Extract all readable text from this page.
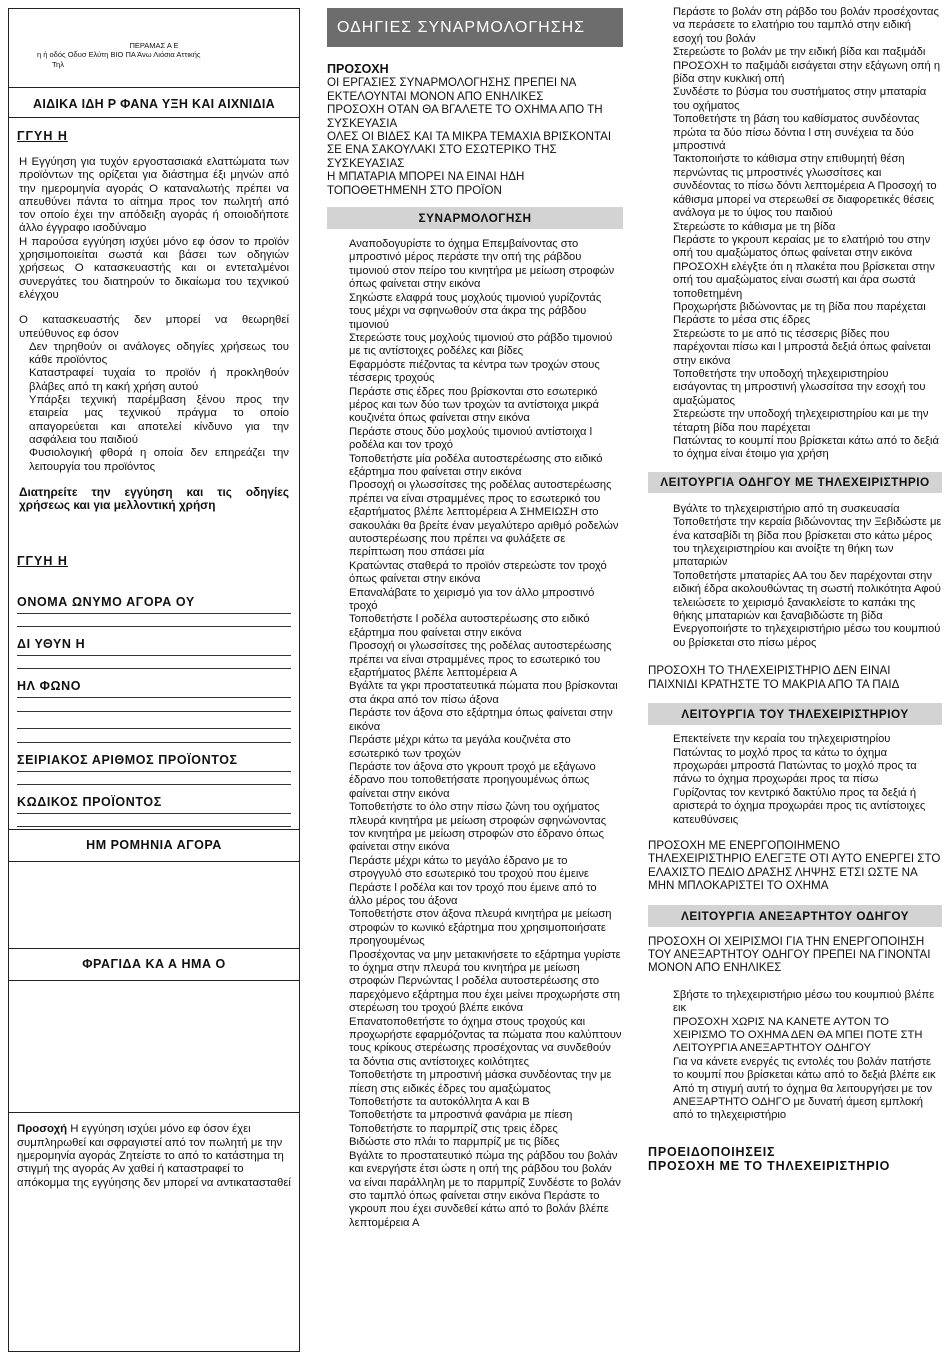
ΠΕΡΑΜΑΣ Α Ε
η ή οδός Οδυσ Ελύτη ΒΙΟ ΠΑ Άνω Λιόσια Αττικής
Τηλ
ΑΙΔΙΚΑ ΙΔΗ Ρ ΦΑΝΑ ΥΞΗ ΚΑΙ ΑΙΧΝΙΔΙΑ
ΓΓΥΗ Η
Η Εγγύηση για τυχόν εργοστασιακά ελαττώματα των προϊόντων της ορίζεται για διάστημα έξι μηνών από την ημερομηνία αγοράς Ο καταναλωτής πρέπει να απευθύνει πάντα το αίτημα προς τον πωλητή από τον οποίο έχει την απόδειξη αγοράς ή οποιοδήποτε άλλο έγγραφο ισοδύναμο
Η παρούσα εγγύηση ισχύει μόνο εφ όσον το προϊόν χρησιμοποιείται σωστά και βάσει των οδηγιών χρήσεως Ο κατασκευαστής και οι εντεταλμένοι συνεργάτες του διατηρούν το δικαίωμα του τεχνικού ελέγχου
Ο κατασκευαστής δεν μπορεί να θεωρηθεί υπεύθυνος εφ όσον
Δεν τηρηθούν οι ανάλογες οδηγίες χρήσεως του κάθε προϊόντος
Καταστραφεί τυχαία το προϊόν ή προκληθούν βλάβες από τη κακή χρήση αυτού
Υπάρξει τεχνική παρέμβαση ξένου προς την εταιρεία μας τεχνικού πράγμα το οποίο απαγορεύεται και αποτελεί κίνδυνο για την ασφάλεια του παιδιού
Φυσιολογική φθορά η οποία δεν επηρεάζει την λειτουργία του προϊόντος
Διατηρείτε την εγγύηση και τις οδηγίες χρήσεως και για μελλοντική χρήση
ΓΓΥΗ Η
ΟΝΟΜΑ ΩΝΥΜΟ ΑΓΟΡΑ ΟΥ
ΔΙ ΥΘΥΝ Η
ΗΛ ΦΩΝΟ
ΣΕΙΡΙΑΚΟΣ ΑΡΙΘΜΟΣ ΠΡΟΪΟΝΤΟΣ
ΚΩΔΙΚΟΣ ΠΡΟΪΟΝΤΟΣ
ΗΜ ΡΟΜΗΝΙΑ ΑΓΟΡΑ
ΦΡΑΓΙΔΑ ΚΑ Α ΗΜΑ Ο
Προσοχή Η εγγύηση ισχύει μόνο εφ όσον έχει συμπληρωθεί και σφραγιστεί από τον πωλητή με την ημερομηνία αγοράς Ζητείστε το από το κατάστημα τη στιγμή της αγοράς Αν χαθεί ή καταστραφεί το απόκομμα της εγγύησης δεν μπορεί να αντικατασταθεί
ΟΔΗΓΙΕΣ ΣΥΝΑΡΜΟΛΟΓΗΣΗΣ
ΠΡΟΣΟΧΗ
ΟΙ ΕΡΓΑΣΙΕΣ ΣΥΝΑΡΜΟΛΟΓΗΣΗΣ ΠΡΕΠΕΙ ΝΑ ΕΚΤΕΛΟΥΝΤΑΙ ΜΟΝΟΝ ΑΠΟ ΕΝΗΛΙΚΕΣ
ΠΡΟΣΟΧΗ ΟΤΑΝ ΘΑ ΒΓΑΛΕΤΕ ΤΟ ΟΧΗΜΑ ΑΠΟ ΤΗ ΣΥΣΚΕΥΑΣΙΑ
ΟΛΕΣ ΟΙ ΒΙΔΕΣ ΚΑΙ ΤΑ ΜΙΚΡΑ ΤΕΜΑΧΙΑ ΒΡΙΣΚΟΝΤΑΙ ΣΕ ΕΝΑ ΣΑΚΟΥΛΑΚΙ ΣΤΟ ΕΣΩΤΕΡΙΚΟ ΤΗΣ ΣΥΣΚΕΥΑΣΙΑΣ
Η ΜΠΑΤΑΡΙΑ ΜΠΟΡΕΙ ΝΑ ΕΙΝΑΙ ΗΔΗ ΤΟΠΟΘΕΤΗΜΕΝΗ ΣΤΟ ΠΡΟΪΟΝ
ΣΥΝΑΡΜΟΛΟΓΗΣΗ
Αναποδογυρίστε το όχημα Επεμβαίνοντας στο μπροστινό μέρος περάστε την οπή της ράβδου τιμονιού στον πείρο του κινητήρα με μείωση στροφών όπως φαίνεται στην εικόνα
Σηκώστε ελαφρά τους μοχλούς τιμονιού γυρίζοντάς τους μέχρι να σφηνωθούν στα άκρα της ράβδου τιμονιού
Στερεώστε τους μοχλούς τιμονιού στο ράβδο τιμονιού με τις αντίστοιχες ροδέλες και βίδες
Εφαρμόστε πιέζοντας τα κέντρα των τροχών στους τέσσερις τροχούς
Περάστε στις έδρες που βρίσκονται στο εσωτερικό μέρος και των δύο των τροχών τα αντίστοιχα μικρά κουζινέτα όπως φαίνεται στην εικόνα
Περάστε στους δύο μοχλούς τιμονιού αντίστοιχα l ροδέλα και τον τροχό
Τοποθετήστε μία ροδέλα αυτοστερέωσης στο ειδικό εξάρτημα που φαίνεται στην εικόνα
Προσοχή οι γλωσσίτσες της ροδέλας αυτοστερέωσης πρέπει να είναι στραμμένες προς το εσωτερικό του εξαρτήματος βλέπε λεπτομέρεια Α ΣΗΜΕΙΩΣΗ στο σακουλάκι θα βρείτε έναν μεγαλύτερο αριθμό ροδελών αυτοστερέωσης που πρέπει να φυλάξετε σε περίπτωση που σπάσει μία
Κρατώντας σταθερά το προϊόν στερεώστε τον τροχό όπως φαίνεται στην εικόνα
Επαναλάβατε το χειρισμό για τον άλλο μπροστινό τροχό
Τοποθετήστε l ροδέλα αυτοστερέωσης στο ειδικό εξάρτημα που φαίνεται στην εικόνα
Προσοχή οι γλωσσίτσες της ροδέλας αυτοστερέωσης πρέπει να είναι στραμμένες προς το εσωτερικό του εξαρτήματος βλέπε λεπτομέρεια Α
Βγάλτε τα γκρι προστατευτικά πώματα που βρίσκονται στα άκρα από τον πίσω άξονα
Περάστε τον άξονα στο εξάρτημα όπως φαίνεται στην εικόνα
Περάστε μέχρι κάτω τα μεγάλα κουζινέτα στο εσωτερικό των τροχών
Περάστε τον άξονα στο γκρουπ τροχό με εξάγωνο έδρανο που τοποθετήσατε προηγουμένως όπως φαίνεται στην εικόνα
Τοποθετήστε το όλο στην πίσω ζώνη του οχήματος πλευρά κινητήρα με μείωση στροφών σφηνώνοντας τον κινητήρα με μείωση στροφών στο έδρανο όπως φαίνεται στην εικόνα
Περάστε μέχρι κάτω το μεγάλο έδρανο με το στρογγυλό στο εσωτερικό του τροχού που έμεινε
Περάστε l ροδέλα και τον τροχό που έμεινε από το άλλο μέρος του άξονα
Τοποθετήστε στον άξονα πλευρά κινητήρα με μείωση στροφών το κωνικό εξάρτημα που χρησιμοποιήσατε προηγουμένως
Προσέχοντας να μην μετακινήσετε το εξάρτημα γυρίστε το όχημα στην πλευρά του κινητήρα με μείωση στροφών Περνώντας l ροδέλα αυτοστερέωσης στο παρεχόμενο εξάρτημα που έχει μείνει προχωρήστε στη στερέωση του τροχού βλέπε εικόνα
Επανατοποθετήστε το όχημα στους τροχούς και προχωρήστε εφαρμόζοντας τα πώματα που καλύπτουν τους κρίκους στερέωσης προσέχοντας να συνδεθούν τα δόντια στις αντίστοιχες κοιλότητες
Τοποθετήστε τη μπροστινή μάσκα συνδέοντας την με πίεση στις ειδικές έδρες του αμαξώματος
Τοποθετήστε τα αυτοκόλλητα Α και Β
Τοποθετήστε τα μπροστινά φανάρια με πίεση
Τοποθετήστε το παρμπρίζ στις τρεις έδρες
Βιδώστε στο πλάι το παρμπρίζ με τις βίδες
Βγάλτε το προστατευτικό πώμα της ράβδου του βολάν και ενεργήστε έτσι ώστε η οπή της ράβδου του βολάν να είναι παράλληλη με το παρμπρίζ Συνδέστε το βολάν στο ταμπλό όπως φαίνεται στην εικόνα Περάστε το γκρουπ που έχει συνδεθεί κάτω από το βολάν βλέπε λεπτομέρεια Α
Περάστε το βολάν στη ράβδο του βολάν προσέχοντας να περάσετε το ελατήριο του ταμπλό στην ειδική εσοχή του βολάν
Στερεώστε το βολάν με την ειδική βίδα και παξιμάδι ΠΡΟΣΟΧΗ το παξιμάδι εισάγεται στην εξάγωνη οπή η βίδα στην κυκλική οπή
Συνδέστε το βύσμα του συστήματος στην μπαταρία του οχήματος
Τοποθετήστε τη βάση του καθίσματος συνδέοντας πρώτα τα δύο πίσω δόντια l στη συνέχεια τα δύο μπροστινά
Τακτοποιήστε το κάθισμα στην επιθυμητή θέση περνώντας τις μπροστινές γλωσσίτσες και συνδέοντας το πίσω δόντι λεπτομέρεια Α Προσοχή το κάθισμα μπορεί να στερεωθεί σε διαφορετικές θέσεις ανάλογα με το ύψος του παιδιού
Στερεώστε το κάθισμα με τη βίδα
Περάστε το γκρουπ κεραίας με το ελατήριό του στην οπή του αμαξώματος όπως φαίνεται στην εικόνα ΠΡΟΣΟΧΗ ελέγξτε ότι η πλακέτα που βρίσκεται στην οπή του αμαξώματος είναι σωστή και άρα σωστά τοποθετημένη
Προχωρήστε βιδώνοντας με τη βίδα που παρέχεται
Περάστε το μέσα στις έδρες
Στερεώστε το με από τις τέσσερις βίδες που παρέχονται πίσω και l μπροστά δεξιά όπως φαίνεται στην εικόνα
Τοποθετήστε την υποδοχή τηλεχειριστηρίου εισάγοντας τη μπροστινή γλωσσίτσα την εσοχή του αμαξώματος
Στερεώστε την υποδοχή τηλεχειριστηρίου και με την τέταρτη βίδα που παρέχεται
Πατώντας το κουμπί που βρίσκεται κάτω από το δεξιά το όχημα είναι έτοιμο για χρήση
ΛΕΙΤΟΥΡΓΙΑ ΟΔΗΓΟΥ ΜΕ ΤΗΛΕΧΕΙΡΙΣΤΗΡΙΟ
Βγάλτε το τηλεχειριστήριο από τη συσκευασία Τοποθετήστε την κεραία βιδώνοντας την Ξεβιδώστε με ένα κατσαβίδι τη βίδα που βρίσκεται στο κάτω μέρος του τηλεχειριστηρίου και ανοίξτε τη θήκη των μπαταριών
Τοποθετήστε μπαταρίες ΑΑ του δεν παρέχονται στην ειδική έδρα ακολουθώντας τη σωστή πολικότητα Αφού τελειώσετε το χειρισμό ξανακλείστε το καπάκι της θήκης μπαταριών και ξαναβιδώστε τη βίδα
Ενεργοποιήστε το τηλεχειριστήριο μέσω του κουμπιού ου βρίσκεται στο πίσω μέρος
ΠΡΟΣΟΧΗ ΤΟ ΤΗΛΕΧΕΙΡΙΣΤΗΡΙΟ ΔΕΝ ΕΙΝΑΙ ΠΑΙΧΝΙΔΙ ΚΡΑΤΗΣΤΕ ΤΟ ΜΑΚΡΙΑ ΑΠΟ ΤΑ ΠΑΙΔ
ΛΕΙΤΟΥΡΓΙΑ ΤΟΥ ΤΗΛΕΧΕΙΡΙΣΤΗΡΙΟΥ
Επεκτείνετε την κεραία του τηλεχειριστηρίου
Πατώντας το μοχλό προς τα κάτω το όχημα προχωράει μπροστά Πατώντας το μοχλό προς τα πάνω το όχημα προχωράει προς τα πίσω
Γυρίζοντας τον κεντρικό δακτύλιο προς τα δεξιά ή αριστερά το όχημα προχωράει προς τις αντίστοιχες κατευθύνσεις
ΠΡΟΣΟΧΗ ΜΕ ΕΝΕΡΓΟΠΟΙΗΜΕΝΟ ΤΗΛΕΧΕΙΡΙΣΤΗΡΙΟ ΕΛΕΓΞΤΕ ΟΤΙ ΑΥΤΟ ΕΝΕΡΓΕΙ ΣΤΟ ΕΛΑΧΙΣΤΟ ΠΕΔΙΟ ΔΡΑΣΗΣ ΛΗΨΗΣ ΕΤΣΙ ΩΣΤΕ ΝΑ ΜΗΝ ΜΠΛΟΚΑΡΙΣΤΕΙ ΤΟ ΟΧΗΜΑ
ΛΕΙΤΟΥΡΓΙΑ ΑΝΕΞΑΡΤΗΤΟΥ ΟΔΗΓΟΥ
ΠΡΟΣΟΧΗ ΟΙ ΧΕΙΡΙΣΜΟΙ ΓΙΑ ΤΗΝ ΕΝΕΡΓΟΠΟΙΗΣΗ ΤΟΥ ΑΝΕΞΑΡΤΗΤΟΥ ΟΔΗΓΟΥ ΠΡΕΠΕΙ ΝΑ ΓΙΝΟΝΤΑΙ ΜΟΝΟΝ ΑΠΟ ΕΝΗΛΙΚΕΣ
Σβήστε το τηλεχειριστήριο μέσω του κουμπιού βλέπε εικ
ΠΡΟΣΟΧΗ ΧΩΡΙΣ ΝΑ ΚΑΝΕΤΕ ΑΥΤΟΝ ΤΟ ΧΕΙΡΙΣΜΟ ΤΟ ΟΧΗΜΑ ΔΕΝ ΘΑ ΜΠΕΙ ΠΟΤΕ ΣΤΗ ΛΕΙΤΟΥΡΓΙΑ ΑΝΕΞΑΡΤΗΤΟΥ ΟΔΗΓΟΥ
Για να κάνετε ενεργές τις εντολές του βολάν πατήστε το κουμπί που βρίσκεται κάτω από το δεξιά βλέπε εικ
Από τη στιγμή αυτή το όχημα θα λειτουργήσει με τον ΑΝΕΞΑΡΤΗΤΟ ΟΔΗΓΟ με δυνατή άμεση εμπλοκή από το τηλεχειριστήριο
ΠΡΟΕΙΔΟΠΟΙΗΣΕΙΣ
ΠΡΟΣΟΧΗ ΜΕ ΤΟ ΤΗΛΕΧΕΙΡΙΣΤΗΡΙΟ
